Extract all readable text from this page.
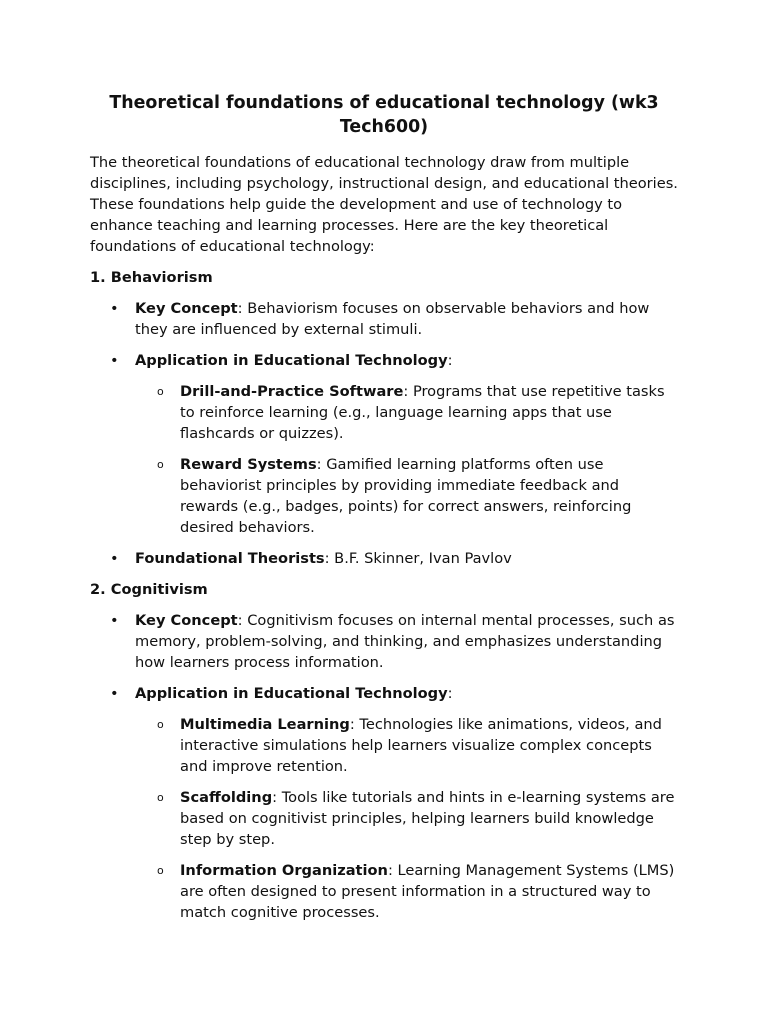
Theoretical foundations of educational technology (wk3 Tech600)

The theoretical foundations of educational technology draw from multiple disciplines, including psychology, instructional design, and educational theories. These foundations help guide the development and use of technology to enhance teaching and learning processes. Here are the key theoretical foundations of educational technology:

1. Behaviorism
• Key Concept: Behaviorism focuses on observable behaviors and how they are influenced by external stimuli.
• Application in Educational Technology:
o Drill-and-Practice Software: Programs that use repetitive tasks to reinforce learning (e.g., language learning apps that use flashcards or quizzes).
o Reward Systems: Gamified learning platforms often use behaviorist principles by providing immediate feedback and rewards (e.g., badges, points) for correct answers, reinforcing desired behaviors.
• Foundational Theorists: B.F. Skinner, Ivan Pavlov
2. Cognitivism
• Key Concept: Cognitivism focuses on internal mental processes, such as memory, problem-solving, and thinking, and emphasizes understanding how learners process information.
• Application in Educational Technology:
o Multimedia Learning: Technologies like animations, videos, and interactive simulations help learners visualize complex concepts and improve retention.
o Scaffolding: Tools like tutorials and hints in e-learning systems are based on cognitivist principles, helping learners build knowledge step by step.
o Information Organization: Learning Management Systems (LMS) are often designed to present information in a structured way to match cognitive processes.
